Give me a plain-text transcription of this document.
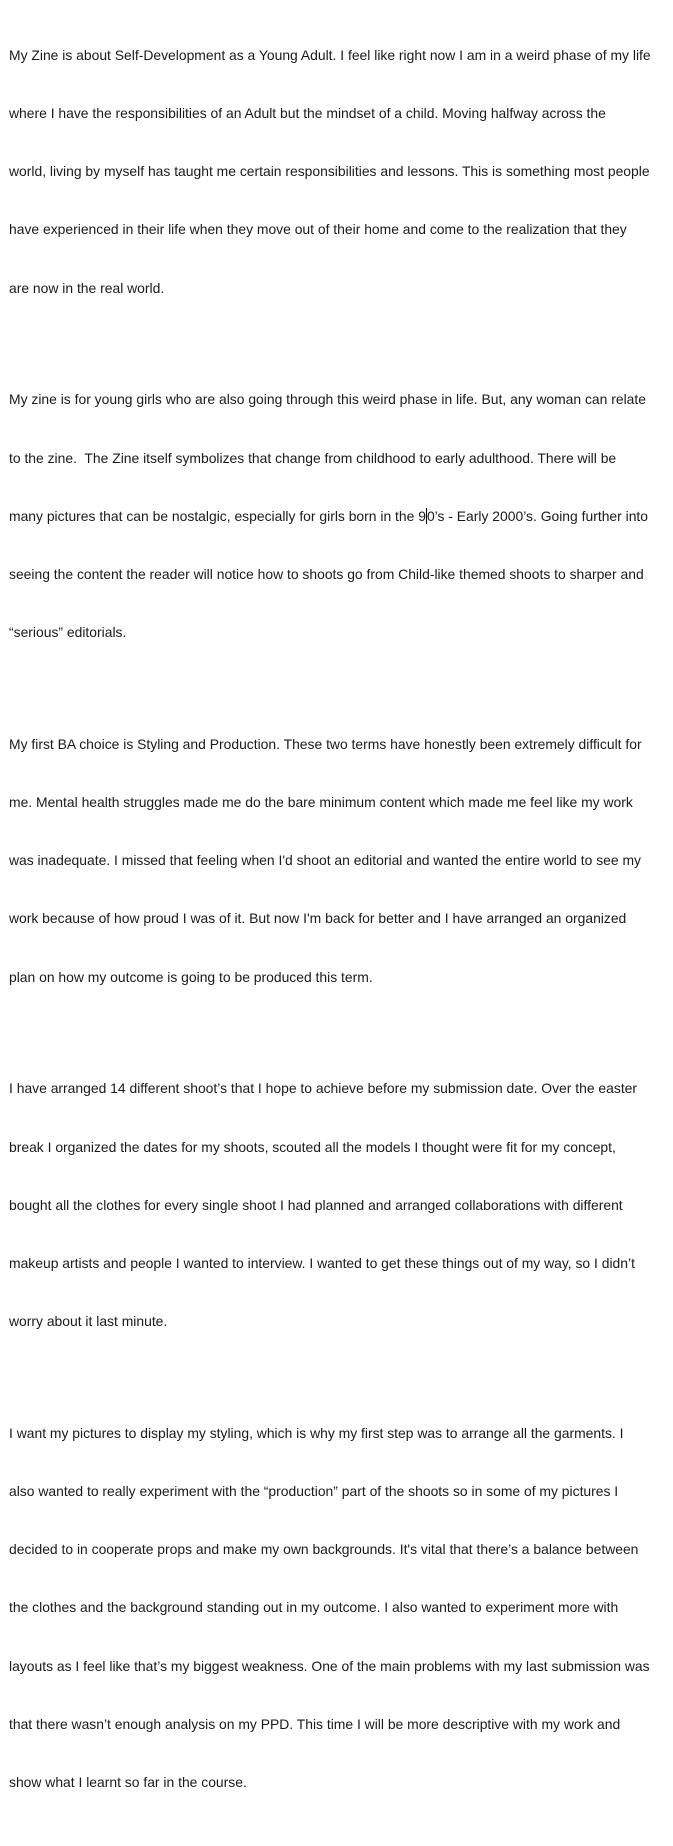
My Zine is about Self-Development as a Young Adult. I feel like right now I am in a weird phase of my life

where I have the responsibilities of an Adult but the mindset of a child. Moving halfway across the

world, living by myself has taught me certain responsibilities and lessons. This is something most people

have experienced in their life when they move out of their home and come to the realization that they

are now in the real world.

My zine is for young girls who are also going through this weird phase in life. But, any woman can relate

to the zine.  The Zine itself symbolizes that change from childhood to early adulthood. There will be

many pictures that can be nostalgic, especially for girls born in the 90’s - Early 2000’s. Going further into

seeing the content the reader will notice how to shoots go from Child-like themed shoots to sharper and

“serious” editorials.

My first BA choice is Styling and Production. These two terms have honestly been extremely difficult for

me. Mental health struggles made me do the bare minimum content which made me feel like my work

was inadequate. I missed that feeling when I'd shoot an editorial and wanted the entire world to see my

work because of how proud I was of it. But now I'm back for better and I have arranged an organized

plan on how my outcome is going to be produced this term.

I have arranged 14 different shoot’s that I hope to achieve before my submission date. Over the easter

break I organized the dates for my shoots, scouted all the models I thought were fit for my concept,

bought all the clothes for every single shoot I had planned and arranged collaborations with different

makeup artists and people I wanted to interview. I wanted to get these things out of my way, so I didn’t

worry about it last minute.

I want my pictures to display my styling, which is why my first step was to arrange all the garments. I

also wanted to really experiment with the “production” part of the shoots so in some of my pictures I

decided to in cooperate props and make my own backgrounds. It's vital that there’s a balance between

the clothes and the background standing out in my outcome. I also wanted to experiment more with

layouts as I feel like that’s my biggest weakness. One of the main problems with my last submission was

that there wasn’t enough analysis on my PPD. This time I will be more descriptive with my work and

show what I learnt so far in the course.
